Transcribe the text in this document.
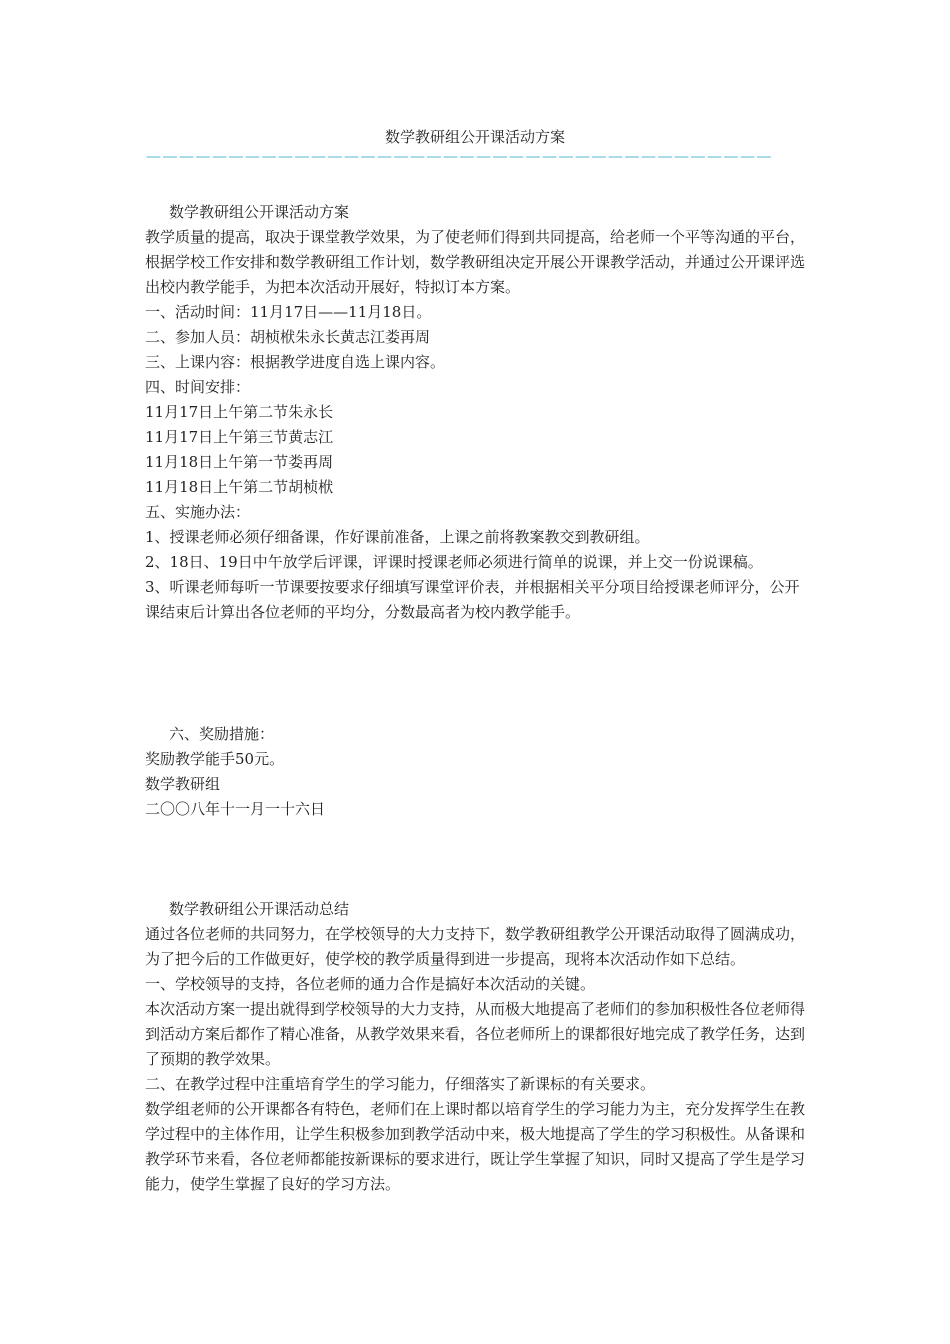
数学教研组公开课活动方案
——————————————————————————————————————

数学教研组公开课活动方案

教学质量的提高，取决于课堂教学效果，为了使老师们得到共同提高，给老师一个平等沟通的平台，根据学校工作安排和数学教研组工作计划，数学教研组决定开展公开课教学活动，并通过公开课评选出校内教学能手，为把本次活动开展好，特拟订本方案。

一、活动时间：11月17日——11月18日。

二、参加人员：胡桢栿朱永长黄志江娄再周

三、上课内容：根据教学进度自选上课内容。

四、时间安排：

11月17日上午第二节朱永长

11月17日上午第三节黄志江

11月18日上午第一节娄再周

11月18日上午第二节胡桢栿

五、实施办法：

1、授课老师必须仔细备课，作好课前准备，上课之前将教案教交到教研组。

2、18日、19日中午放学后评课，评课时授课老师必须进行简单的说课，并上交一份说课稿。

3、听课老师每听一节课要按要求仔细填写课堂评价表，并根据相关平分项目给授课老师评分，公开课结束后计算出各位老师的平均分，分数最高者为校内教学能手。

六、奖励措施：

奖励教学能手50元。

数学教研组

二〇〇八年十一月一十六日

数学教研组公开课活动总结

通过各位老师的共同努力，在学校领导的大力支持下，数学教研组教学公开课活动取得了圆满成功，为了把今后的工作做更好，使学校的教学质量得到进一步提高，现将本次活动作如下总结。

一、学校领导的支持，各位老师的通力合作是搞好本次活动的关键。

本次活动方案一提出就得到学校领导的大力支持，从而极大地提高了老师们的参加积极性各位老师得到活动方案后都作了精心准备，从教学效果来看，各位老师所上的课都很好地完成了教学任务，达到了预期的教学效果。

二、在教学过程中注重培育学生的学习能力，仔细落实了新课标的有关要求。

数学组老师的公开课都各有特色，老师们在上课时都以培育学生的学习能力为主，充分发挥学生在教学过程中的主体作用，让学生积极参加到教学活动中来，极大地提高了学生的学习积极性。从备课和教学环节来看，各位老师都能按新课标的要求进行，既让学生掌握了知识，同时又提高了学生是学习能力，使学生掌握了良好的学习方法。
